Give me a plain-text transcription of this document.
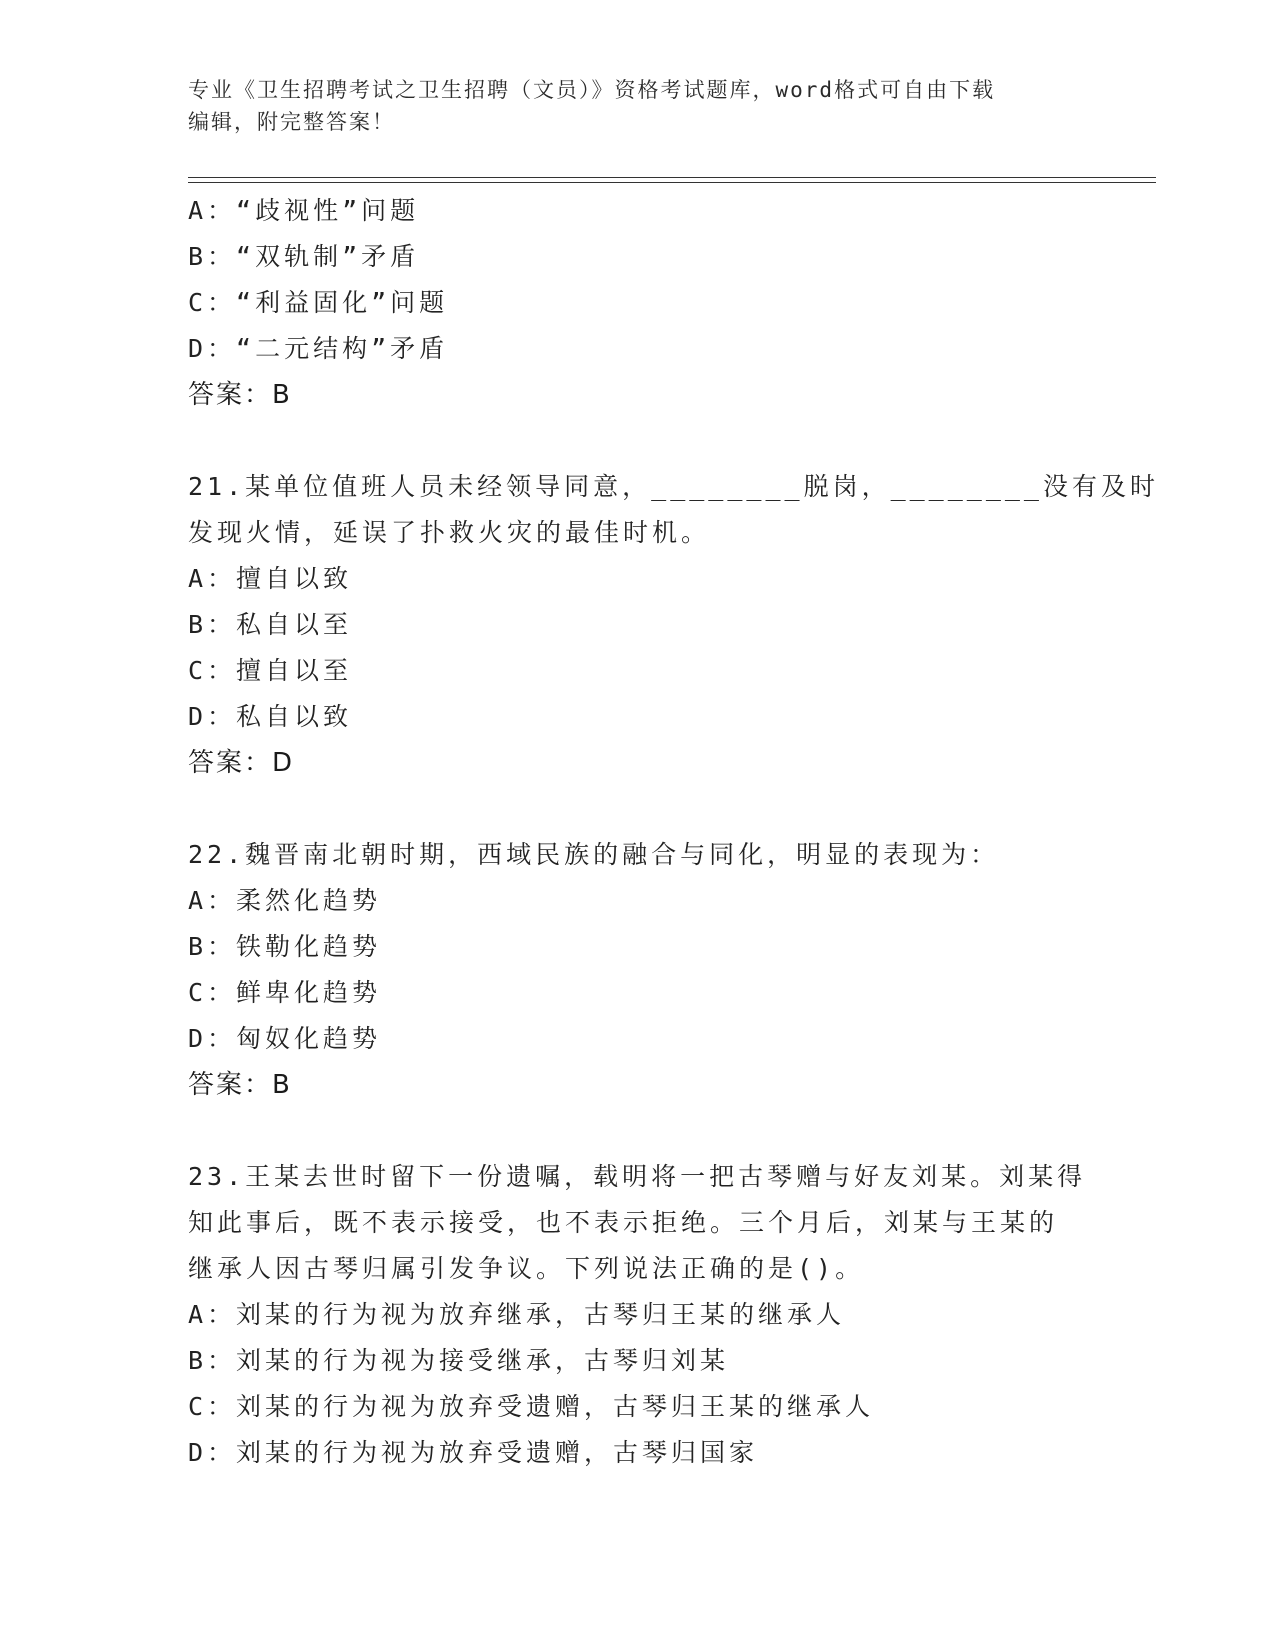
专业《卫生招聘考试之卫生招聘（文员）》资格考试题库，word格式可自由下载
编辑，附完整答案！
A：“歧视性”问题
B：“双轨制”矛盾
C：“利益固化”问题
D：“二元结构”矛盾
答案：B
21.某单位值班人员未经领导同意，________脱岗，________没有及时
发现火情，延误了扑救火灾的最佳时机。
A：擅自以致
B：私自以至
C：擅自以至
D：私自以致
答案：D
22.魏晋南北朝时期，西域民族的融合与同化，明显的表现为：
A：柔然化趋势
B：铁勒化趋势
C：鲜卑化趋势
D：匈奴化趋势
答案：B
23.王某去世时留下一份遗嘱，载明将一把古琴赠与好友刘某。刘某得
知此事后，既不表示接受，也不表示拒绝。三个月后，刘某与王某的
继承人因古琴归属引发争议。下列说法正确的是()。
A：刘某的行为视为放弃继承，古琴归王某的继承人
B：刘某的行为视为接受继承，古琴归刘某
C：刘某的行为视为放弃受遗赠，古琴归王某的继承人
D：刘某的行为视为放弃受遗赠，古琴归国家
